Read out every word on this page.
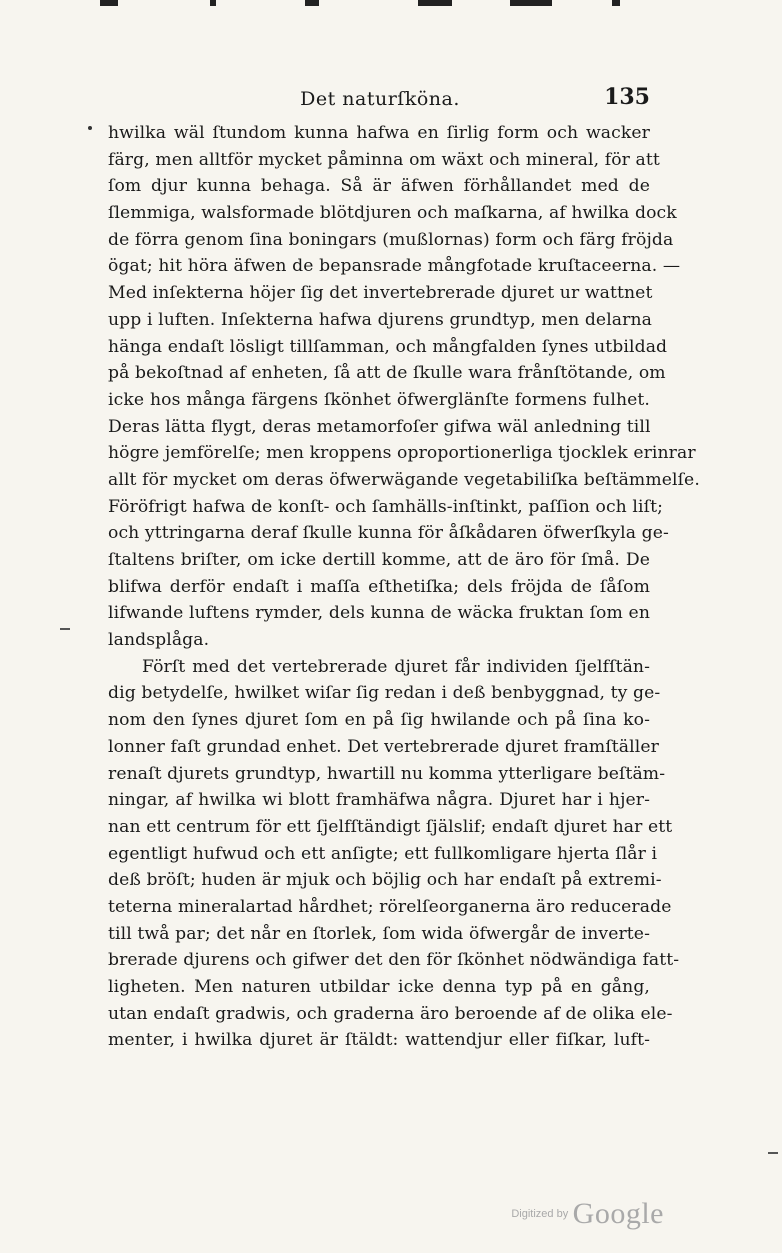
Det naturſköna.	135
hwilka wäl ſtundom kunna hafwa en ſirlig form och wacker
färg, men alltför mycket påminna om wäxt och mineral, för att
ſom djur kunna behaga. Så är äfwen förhållandet med de
ſlemmiga, walsformade blötdjuren och maſkarna, af hwilka dock
de förra genom ſina boningars (mußlornas) form och färg fröjda
ögat; hit höra äfwen de bepansrade mångfotade kruſtaceerna. —
Med inſekterna höjer ſig det invertebrerade djuret ur wattnet
upp i luften. Inſekterna hafwa djurens grundtyp, men delarna
hänga endaſt lösligt tillſamman, och mångfalden ſynes utbildad
på bekoſtnad af enheten, ſå att de ſkulle wara frånſtötande, om
icke hos många färgens ſkönhet öfwerglänſte formens fulhet.
Deras lätta flygt, deras metamorfoſer gifwa wäl anledning till
högre jemförelſe; men kroppens oproportionerliga tjocklek erinrar
allt för mycket om deras öfwerwägande vegetabiliſka beſtämmelſe.
Föröfrigt hafwa de konſt- och ſamhälls-inſtinkt, paſſion och liſt;
och yttringarna deraf ſkulle kunna för åſkådaren öfwerſkyla ge-
ſtaltens briſter, om icke dertill komme, att de äro för ſmå. De
blifwa derför endaſt i maſſa eſthetiſka; dels fröjda de ſåſom
lifwande luftens rymder, dels kunna de wäcka fruktan ſom en
landsplåga.
Förſt med det vertebrerade djuret får individen ſjelfſtän-
dig betydelſe, hwilket wiſar ſig redan i deß benbyggnad, ty ge-
nom den ſynes djuret ſom en på ſig hwilande och på ſina ko-
lonner faſt grundad enhet. Det vertebrerade djuret framſtäller
renaſt djurets grundtyp, hwartill nu komma ytterligare beſtäm-
ningar, af hwilka wi blott framhäfwa några. Djuret har i hjer-
nan ett centrum för ett ſjelfſtändigt ſjälslif; endaſt djuret har ett
egentligt hufwud och ett anſigte; ett fullkomligare hjerta ſlår i
deß bröſt; huden är mjuk och böjlig och har endaſt på extremi-
teterna mineralartad hårdhet; rörelſeorganerna äro reducerade
till twå par; det når en ſtorlek, ſom wida öfwergår de inverte-
brerade djurens och gifwer det den för ſkönhet nödwändiga fatt-
ligheten. Men naturen utbildar icke denna typ på en gång,
utan endaſt gradwis, och graderna äro beroende af de olika ele-
menter, i hwilka djuret är ſtäldt: wattendjur eller fiſkar, luft-
Digitized by Google
